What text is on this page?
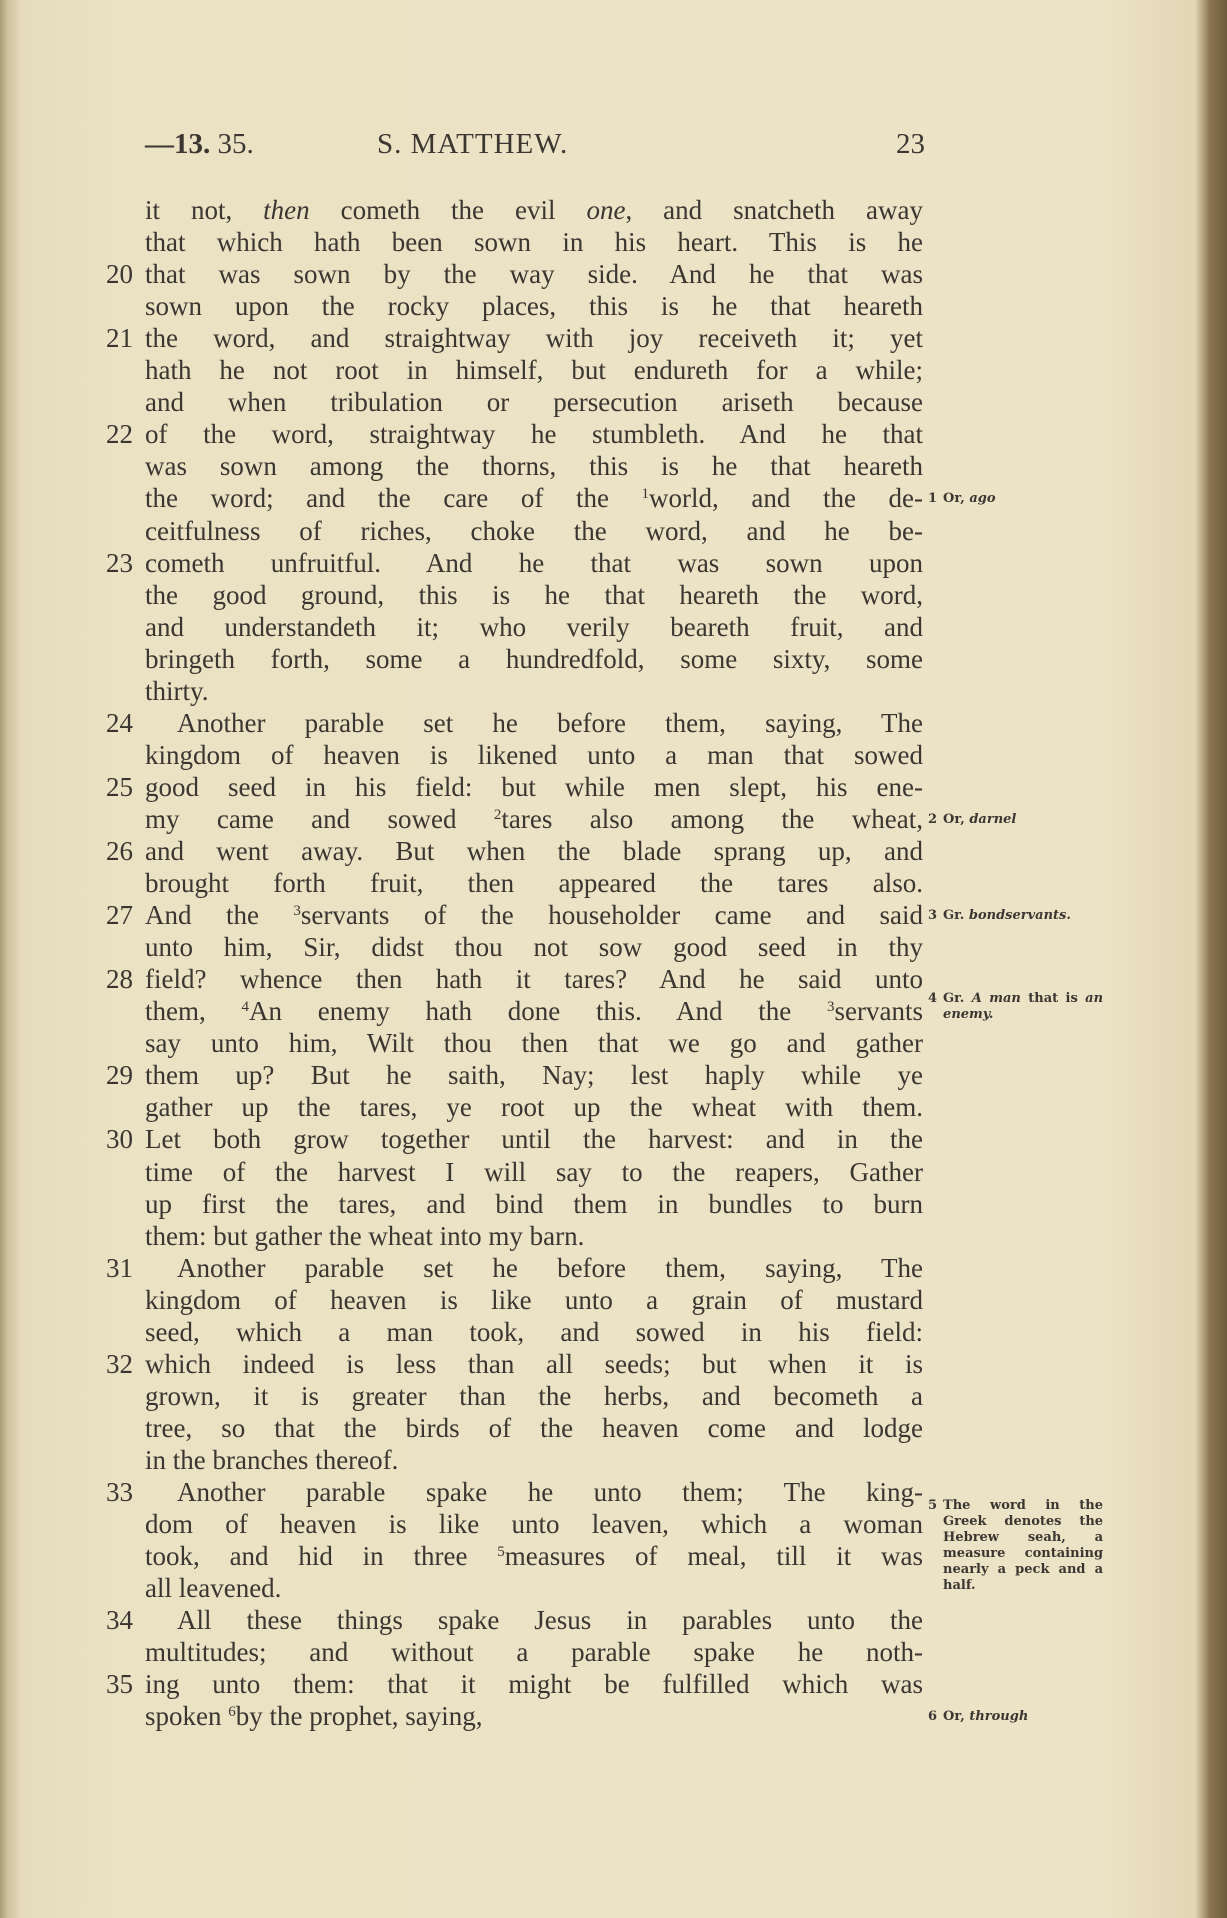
—13. 35.	S. MATTHEW.	23
it not, then cometh the evil one, and snatcheth away
that which hath been sown in his heart. This is he
20 that was sown by the way side. And he that was
sown upon the rocky places, this is he that heareth
21 the word, and straightway with joy receiveth it; yet
hath he not root in himself, but endureth for a while;
and when tribulation or persecution ariseth because
22 of the word, straightway he stumbleth. And he that
was sown among the thorns, this is he that heareth
the word; and the care of the $^1$world, and the de-
ceitfulness of riches, choke the word, and he be-
23 cometh unfruitful. And he that was sown upon
the good ground, this is he that heareth the word,
and understandeth it; who verily beareth fruit, and
bringeth forth, some a hundredfold, some sixty, some
thirty.
24	Another parable set he before them, saying, The
kingdom of heaven is likened unto a man that sowed
25 good seed in his field: but while men slept, his ene-
my came and sowed $^2$tares also among the wheat,
26 and went away. But when the blade sprang up, and
brought forth fruit, then appeared the tares also.
27 And the $^3$servants of the householder came and said
unto him, Sir, didst thou not sow good seed in thy
28 field? whence then hath it tares? And he said unto
them, $^4$An enemy hath done this. And the $^3$servants
say unto him, Wilt thou then that we go and gather
29 them up? But he saith, Nay; lest haply while ye
gather up the tares, ye root up the wheat with them.
30 Let both grow together until the harvest: and in the
time of the harvest I will say to the reapers, Gather
up first the tares, and bind them in bundles to burn
them: but gather the wheat into my barn.
31	Another parable set he before them, saying, The
kingdom of heaven is like unto a grain of mustard
seed, which a man took, and sowed in his field:
32 which indeed is less than all seeds; but when it is
grown, it is greater than the herbs, and becometh a
tree, so that the birds of the heaven come and lodge
in the branches thereof.
33	Another parable spake he unto them; The king-
dom of heaven is like unto leaven, which a woman
took, and hid in three $^5$measures of meal, till it was
all leavened.
34	All these things spake Jesus in parables unto the
multitudes; and without a parable spake he noth-
35 ing unto them: that it might be fulfilled which was
spoken $^6$by the prophet, saying,
1 Or, ago
2 Or, darnel
3 Gr. bondservants.
4 Gr. A man that is an enemy.
5 The word in the Greek denotes the Hebrew seah, a measure containing nearly a peck and a half.
6 Or, through
